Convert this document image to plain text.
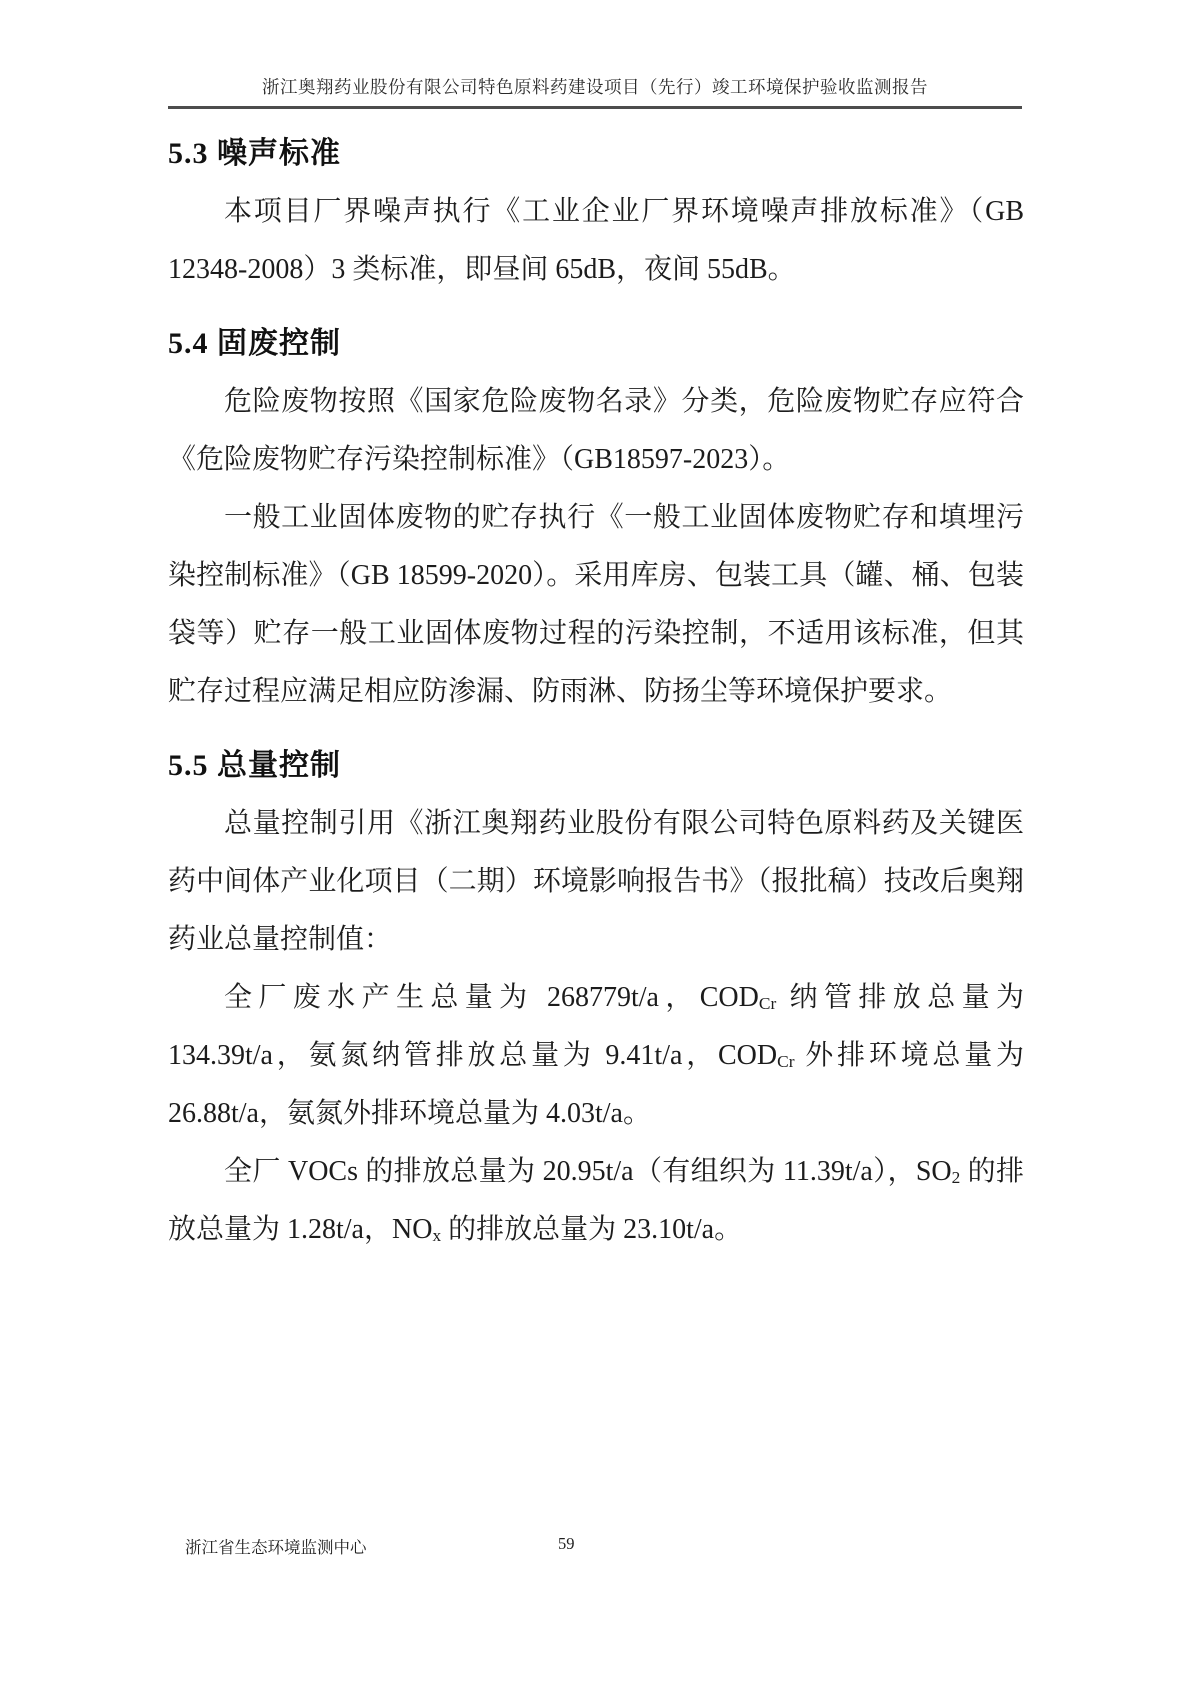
浙江奥翔药业股份有限公司特色原料药建设项目（先行）竣工环境保护验收监测报告
5.3 噪声标准

本项目厂界噪声执行《工业企业厂界环境噪声排放标准》（GB 12348-2008）3 类标准，即昼间 65dB，夜间 55dB。

5.4 固废控制

危险废物按照《国家危险废物名录》分类，危险废物贮存应符合《危险废物贮存污染控制标准》（GB18597-2023）。

一般工业固体废物的贮存执行《一般工业固体废物贮存和填埋污染控制标准》（GB 18599-2020）。采用库房、包装工具（罐、桶、包装袋等）贮存一般工业固体废物过程的污染控制，不适用该标准，但其贮存过程应满足相应防渗漏、防雨淋、防扬尘等环境保护要求。

5.5 总量控制

总量控制引用《浙江奥翔药业股份有限公司特色原料药及关键医药中间体产业化项目（二期）环境影响报告书》（报批稿）技改后奥翔药业总量控制值：

全厂废水产生总量为 268779t/a，$COD_{Cr}$ 纳管排放总量为 134.39t/a，氨氮纳管排放总量为 9.41t/a，$COD_{Cr}$ 外排环境总量为 26.88t/a，氨氮外排环境总量为 4.03t/a。

全厂 VOCs 的排放总量为 20.95t/a（有组织为 11.39t/a），$SO_2$ 的排放总量为 1.28t/a，$NO_x$ 的排放总量为 23.10t/a。

浙江省生态环境监测中心	59
